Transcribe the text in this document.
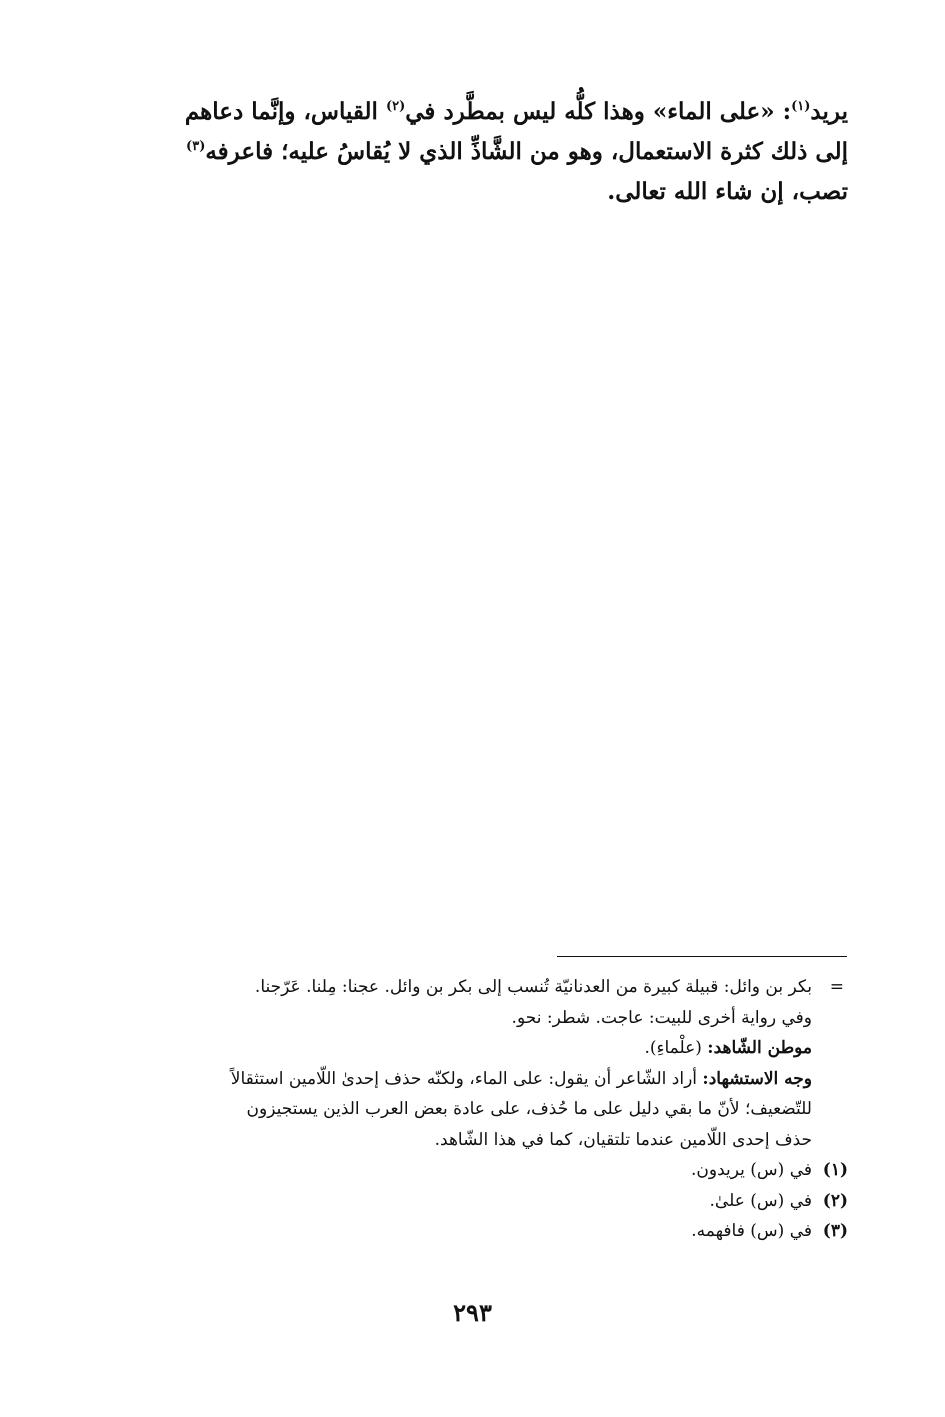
يريد$^{(١)}$: «على الماء» وهذا كلُّه ليس بمطَّرد في$^{(٢)}$ القياس، وإنَّما دعاهم
إلى ذلك كثرة الاستعمال، وهو من الشَّاذِّ الذي لا يُقاسُ عليه؛ فاعرفه$^{(٣)}$
تصب، إن شاء الله تعالى.
=
بكر بن وائل: قبيلة كبيرة من العدنانيّة تُنسب إلى بكر بن وائل. عجنا: مِلنا. عَرّجنا.
وفي رواية أخرى للبيت: عاجت. شطر: نحو.
موطن الشّاهد: (علْماءِ).
وجه الاستشهاد: أراد الشّاعر أن يقول: على الماء، ولكنّه حذف إحدىٰ اللّامين استثقالاً
للتّضعيف؛ لأنّ ما بقي دليل على ما حُذف، على عادة بعض العرب الذين يستجيزون
حذف إحدى اللّامين عندما تلتقيان، كما في هذا الشّاهد.
(١)في (س) يريدون.
(٢)في (س) علىٰ.
(٣)في (س) فافهمه.
٢٩٣
